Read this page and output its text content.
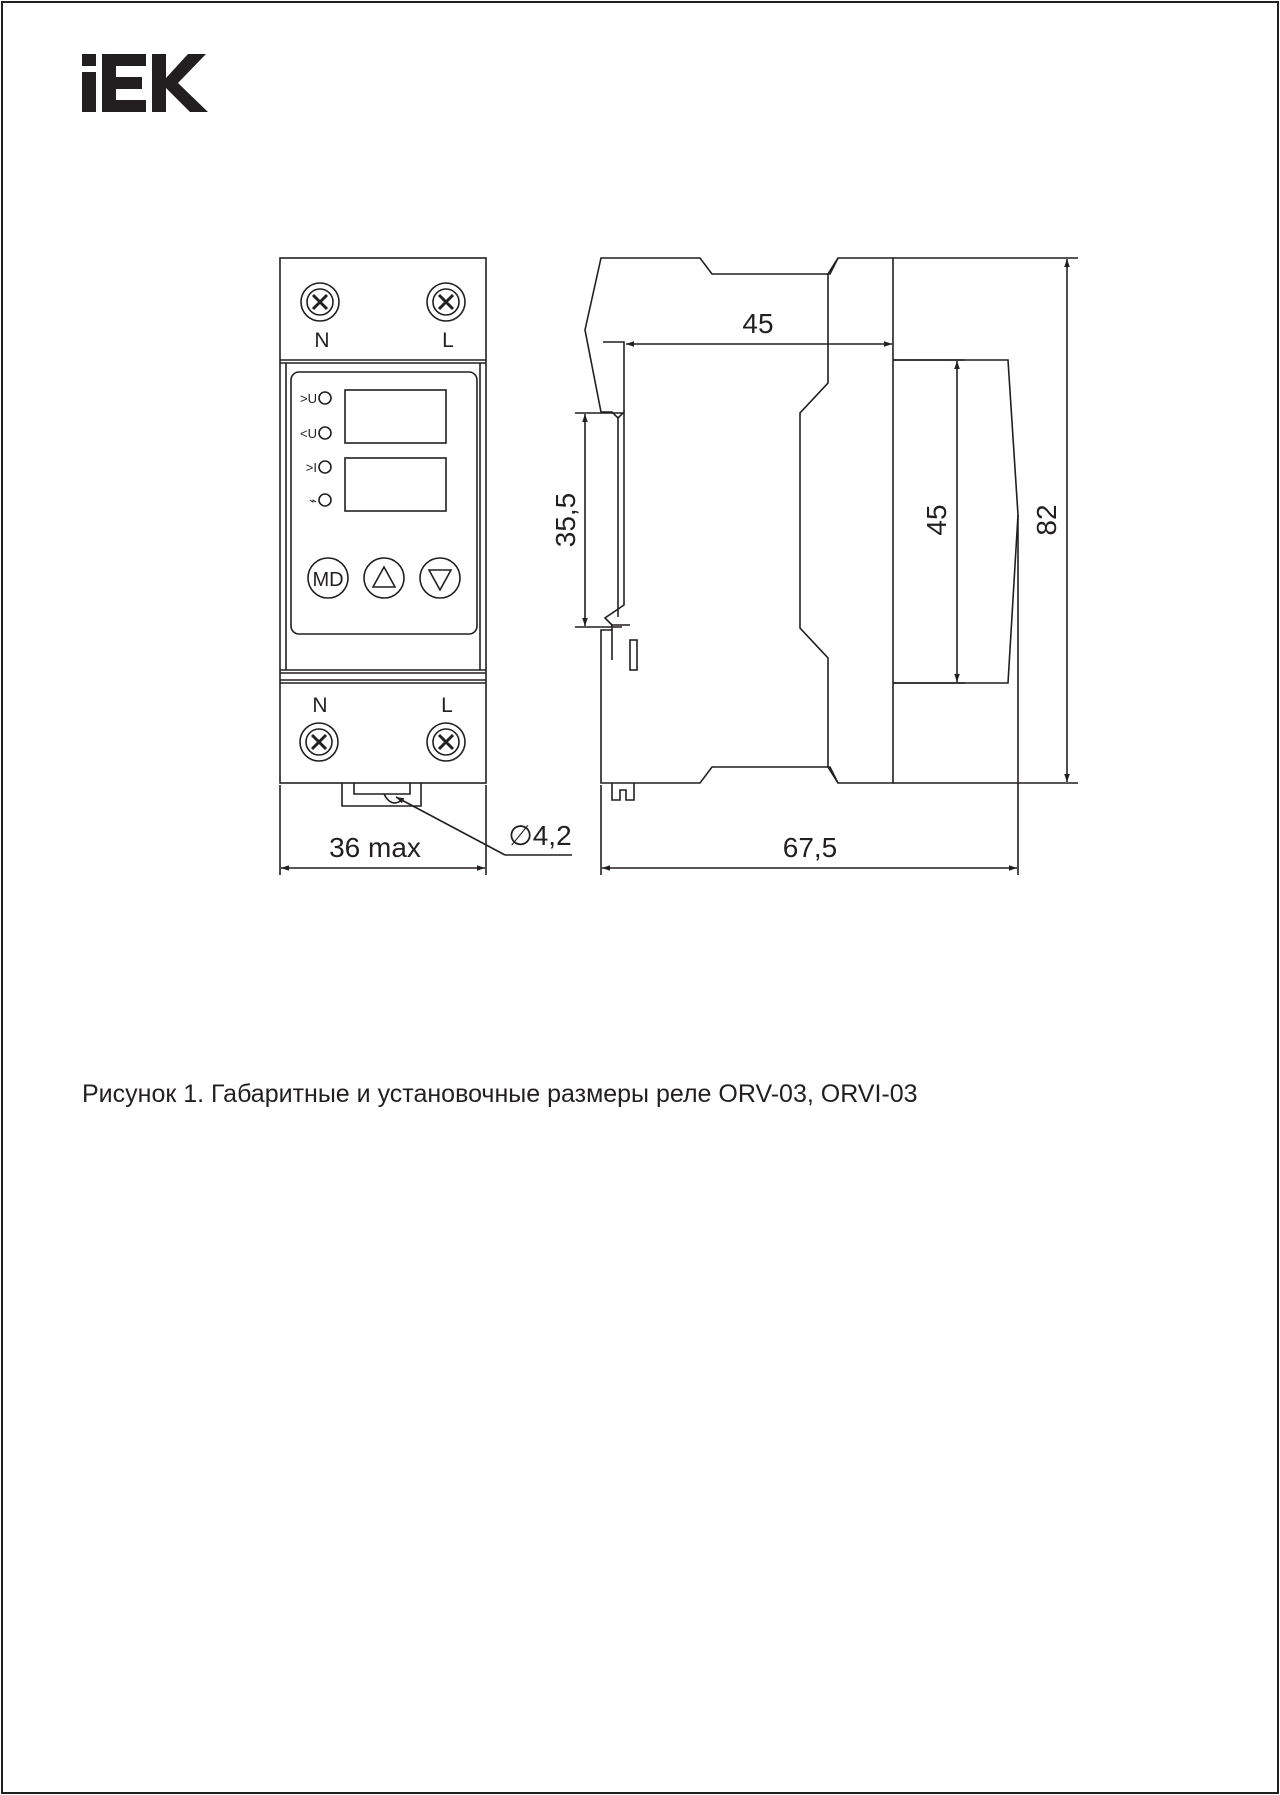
N	L
N	L
>U
<U
>I
⌁
MD
36 max	∅4,2
45
67,5
35,5	45	82
Рисунок 1. Габаритные и установочные размеры реле ORV-03, ORVI-03
